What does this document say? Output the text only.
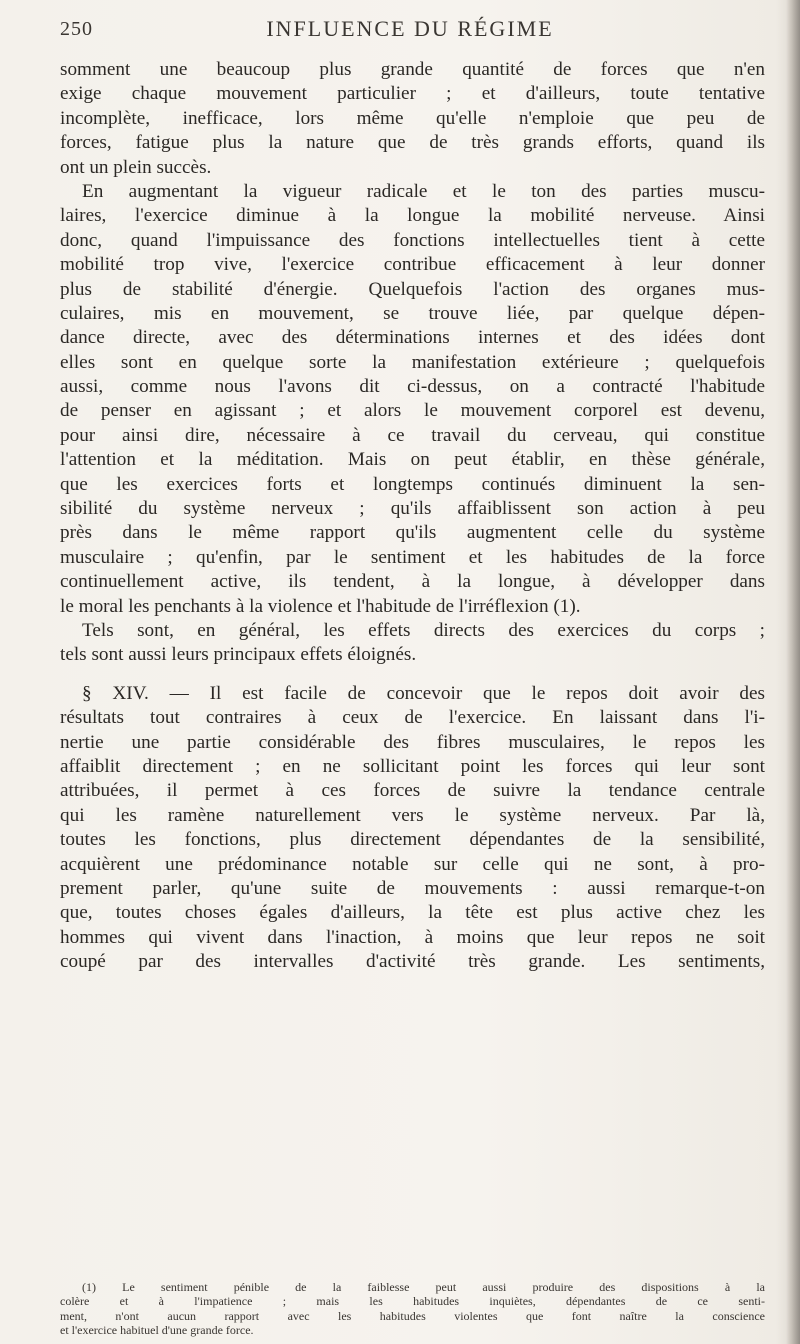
250	INFLUENCE DU RÉGIME
somment une beaucoup plus grande quantité de forces que n'en
exige chaque mouvement particulier ; et d'ailleurs, toute tentative
incomplète, inefficace, lors même qu'elle n'emploie que peu de
forces, fatigue plus la nature que de très grands efforts, quand ils
ont un plein succès.
En augmentant la vigueur radicale et le ton des parties muscu-
laires, l'exercice diminue à la longue la mobilité nerveuse. Ainsi
donc, quand l'impuissance des fonctions intellectuelles tient à cette
mobilité trop vive, l'exercice contribue efficacement à leur donner
plus de stabilité d'énergie. Quelquefois l'action des organes mus-
culaires, mis en mouvement, se trouve liée, par quelque dépen-
dance directe, avec des déterminations internes et des idées dont
elles sont en quelque sorte la manifestation extérieure ; quelquefois
aussi, comme nous l'avons dit ci-dessus, on a contracté l'habitude
de penser en agissant ; et alors le mouvement corporel est devenu,
pour ainsi dire, nécessaire à ce travail du cerveau, qui constitue
l'attention et la méditation. Mais on peut établir, en thèse générale,
que les exercices forts et longtemps continués diminuent la sen-
sibilité du système nerveux ; qu'ils affaiblissent son action à peu
près dans le même rapport qu'ils augmentent celle du système
musculaire ; qu'enfin, par le sentiment et les habitudes de la force
continuellement active, ils tendent, à la longue, à développer dans
le moral les penchants à la violence et l'habitude de l'irréflexion (1).
Tels sont, en général, les effets directs des exercices du corps ;
tels sont aussi leurs principaux effets éloignés.
§ XIV. — Il est facile de concevoir que le repos doit avoir des
résultats tout contraires à ceux de l'exercice. En laissant dans l'i-
nertie une partie considérable des fibres musculaires, le repos les
affaiblit directement ; en ne sollicitant point les forces qui leur sont
attribuées, il permet à ces forces de suivre la tendance centrale
qui les ramène naturellement vers le système nerveux. Par là,
toutes les fonctions, plus directement dépendantes de la sensibilité,
acquièrent une prédominance notable sur celle qui ne sont, à pro-
prement parler, qu'une suite de mouvements : aussi remarque-t-on
que, toutes choses égales d'ailleurs, la tête est plus active chez les
hommes qui vivent dans l'inaction, à moins que leur repos ne soit
coupé par des intervalles d'activité très grande. Les sentiments,
(1) Le sentiment pénible de la faiblesse peut aussi produire des dispositions à la
colère et à l'impatience ; mais les habitudes inquiètes, dépendantes de ce senti-
ment, n'ont aucun rapport avec les habitudes violentes que font naître la conscience
et l'exercice habituel d'une grande force.
